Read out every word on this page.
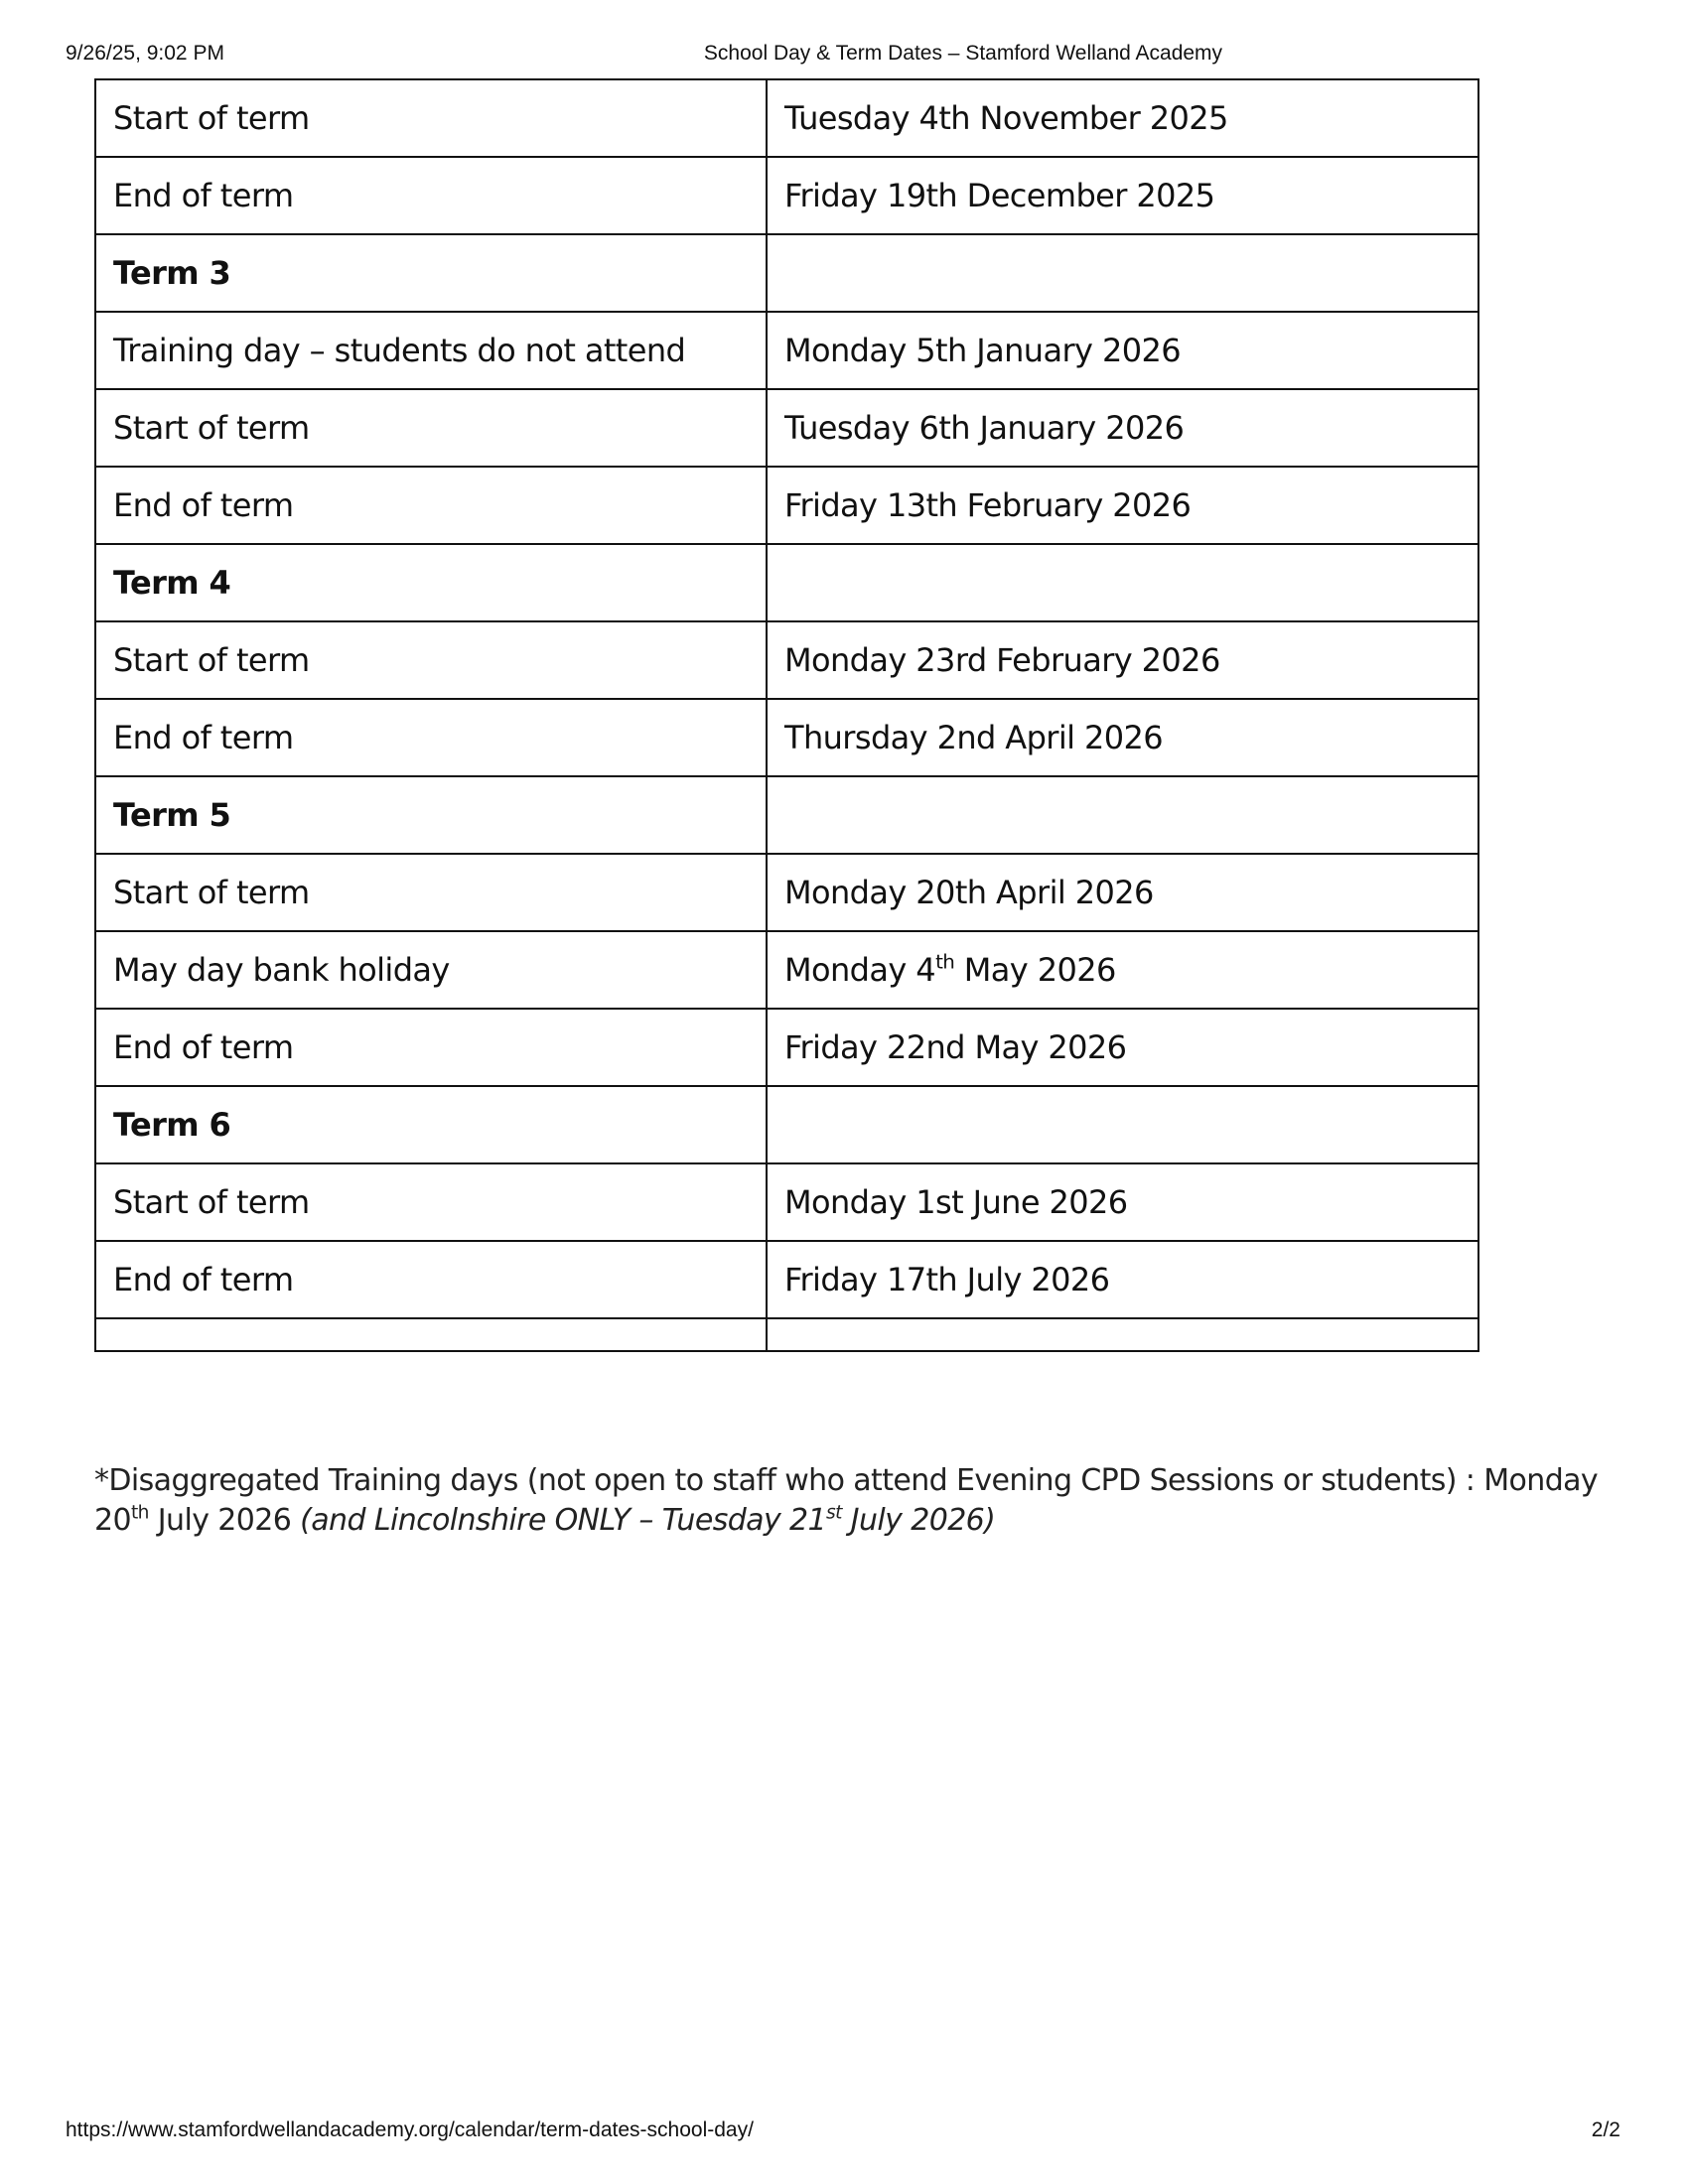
9/26/25, 9:02 PM	School Day & Term Dates – Stamford Welland Academy
Start of term	Tuesday 4th November 2025
End of term	Friday 19th December 2025
Term 3	
Training day – students do not attend	Monday 5th January 2026
Start of term	Tuesday 6th January 2026
End of term	Friday 13th February 2026
Term 4	
Start of term	Monday 23rd February 2026
End of term	Thursday 2nd April 2026
Term 5	
Start of term	Monday 20th April 2026
May day bank holiday	Monday 4th May 2026
End of term	Friday 22nd May 2026
Term 6	
Start of term	Monday 1st June 2026
End of term	Friday 17th July 2026

*Disaggregated Training days (not open to staff who attend Evening CPD Sessions or students) : Monday 20th July 2026 (and Lincolnshire ONLY – Tuesday 21st July 2026)
https://www.stamfordwellandacademy.org/calendar/term-dates-school-day/	2/2
